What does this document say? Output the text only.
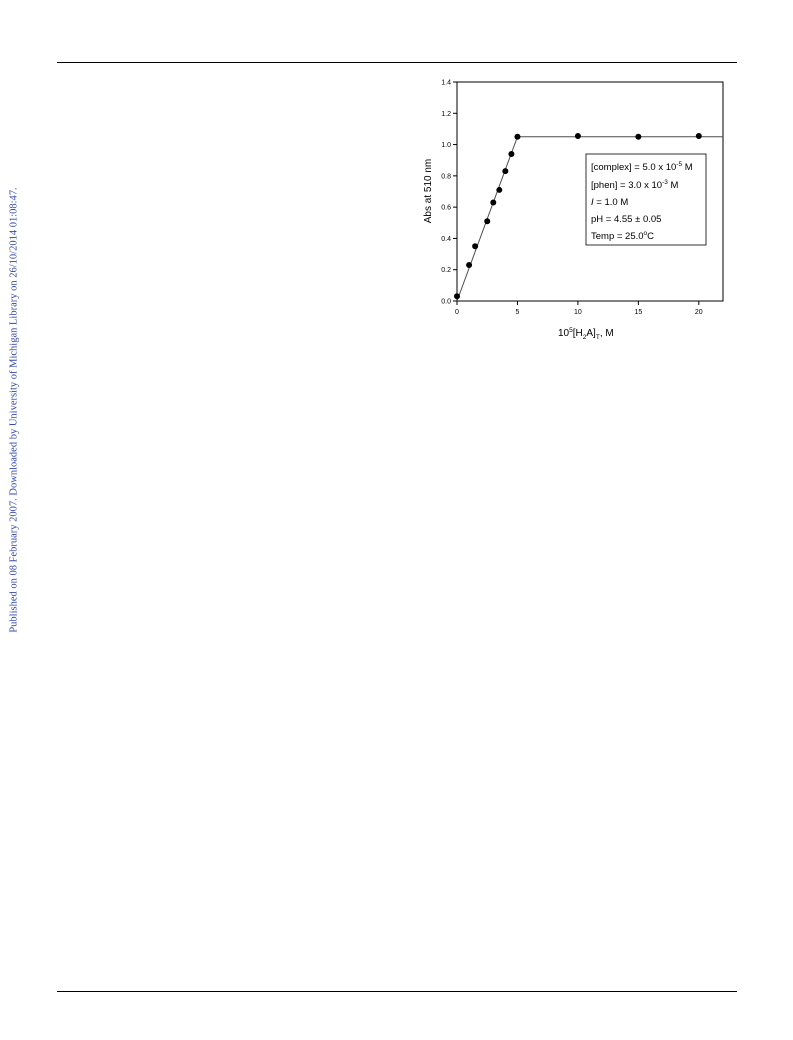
Published on 08 February 2007. Downloaded by University of Michigan Library on 26/10/2014 01:08:47.	0	5	10	15	20
0.0
0.2
0.4
0.6
0.8
1.0
1.2
1.4
[complex] = 5.0 x $10^{-5}$ M
[phen] = 3.0 x $10^{-3}$ M
I = 1.0 M
pH = 4.55 ± 0.05
Temp = $25.0^oC$
Abs at 510 nm
$10^5[H_2A]_T$, M
